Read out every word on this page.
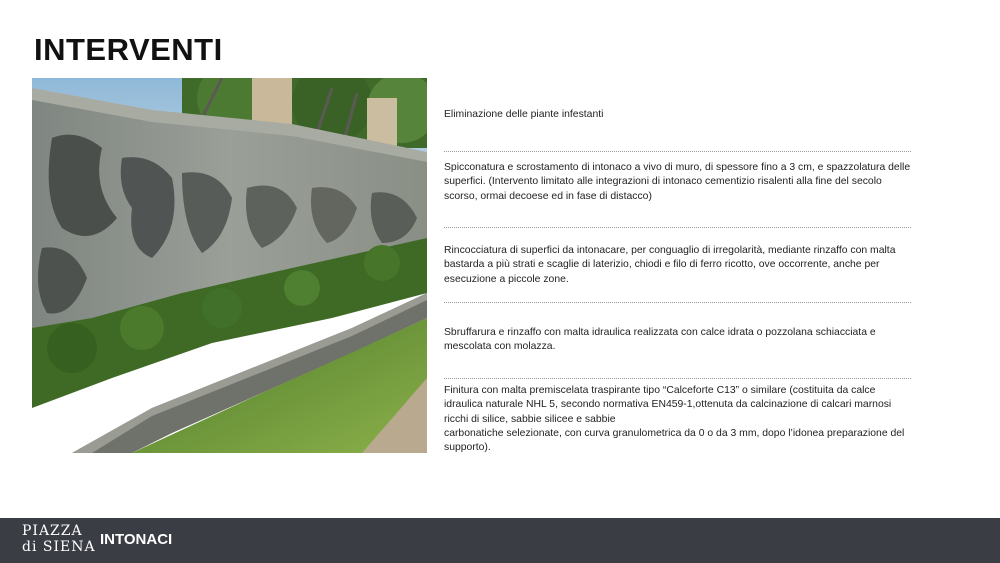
INTERVENTI

Eliminazione delle piante infestanti

Spicconatura e scrostamento di intonaco a vivo di muro, di spessore fino a 3 cm, e spazzolatura delle superfici. (Intervento limitato alle integrazioni di intonaco cementizio risalenti alla fine del secolo scorso, ormai decoese ed in fase di distacco)

Rincocciatura di superfici da intonacare, per conguaglio di irregolarità, mediante rinzaffo con malta bastarda a più strati e scaglie di laterizio, chiodi e filo di ferro ricotto, ove occorrente, anche per esecuzione a piccole zone.

Sbruffarura e rinzaffo con malta idraulica realizzata con calce idrata o pozzolana schiacciata e mescolata con molazza.

Finitura con malta premiscelata traspirante tipo “Calceforte C13” o similare (costituita da calce idraulica naturale NHL 5, secondo normativa EN459-1,ottenuta da calcinazione di calcari marnosi ricchi di silice, sabbie silicee e sabbie

carbonatiche selezionate, con curva granulometrica da 0 o da 3 mm, dopo l’idonea preparazione del supporto).

PIAZZA
di SIENA INTONACI
